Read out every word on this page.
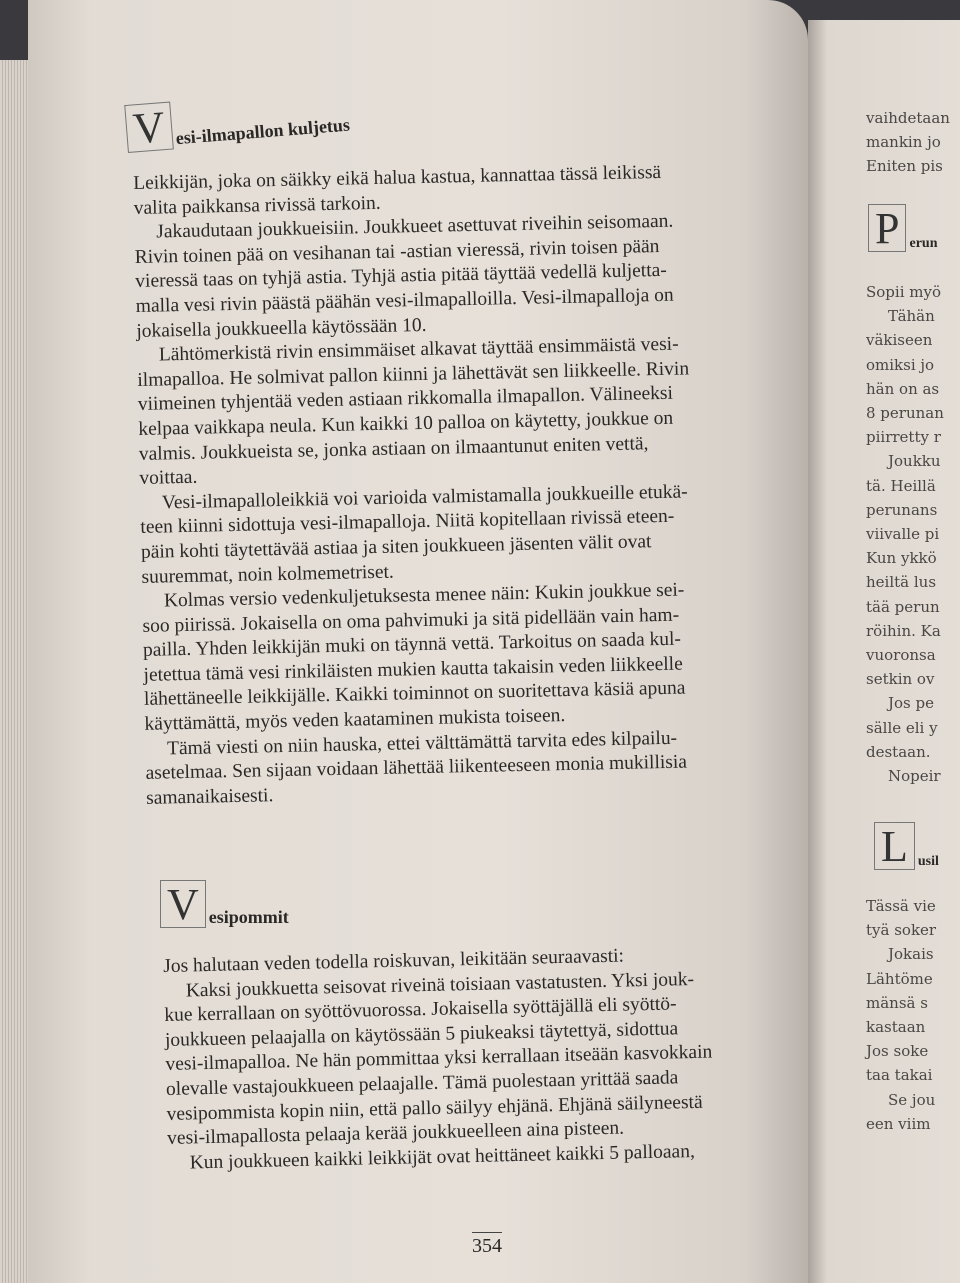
V esi-ilmapallon kuljetus
Leikkijän, joka on säikky eikä halua kastua, kannattaa tässä leikissä
valita paikkansa rivissä tarkoin.
Jakaudutaan joukkueisiin. Joukkueet asettuvat riveihin seisomaan.
Rivin toinen pää on vesihanan tai -astian vieressä, rivin toisen pään
vieressä taas on tyhjä astia. Tyhjä astia pitää täyttää vedellä kuljetta-
malla vesi rivin päästä päähän vesi-ilmapalloilla. Vesi-ilmapalloja on
jokaisella joukkueella käytössään 10.
Lähtömerkistä rivin ensimmäiset alkavat täyttää ensimmäistä vesi-
ilmapalloa. He solmivat pallon kiinni ja lähettävät sen liikkeelle. Rivin
viimeinen tyhjentää veden astiaan rikkomalla ilmapallon. Välineeksi
kelpaa vaikkapa neula. Kun kaikki 10 palloa on käytetty, joukkue on
valmis. Joukkueista se, jonka astiaan on ilmaantunut eniten vettä,
voittaa.
Vesi-ilmapalloleikkiä voi varioida valmistamalla joukkueille etukä-
teen kiinni sidottuja vesi-ilmapalloja. Niitä kopitellaan rivissä eteen-
päin kohti täytettävää astiaa ja siten joukkueen jäsenten välit ovat
suuremmat, noin kolmemetriset.
Kolmas versio vedenkuljetuksesta menee näin: Kukin joukkue sei-
soo piirissä. Jokaisella on oma pahvimuki ja sitä pidellään vain ham-
pailla. Yhden leikkijän muki on täynnä vettä. Tarkoitus on saada kul-
jetettua tämä vesi rinkiläisten mukien kautta takaisin veden liikkeelle
lähettäneelle leikkijälle. Kaikki toiminnot on suoritettava käsiä apuna
käyttämättä, myös veden kaataminen mukista toiseen.
Tämä viesti on niin hauska, ettei välttämättä tarvita edes kilpailu-
asetelmaa. Sen sijaan voidaan lähettää liikenteeseen monia mukillisia
samanaikaisesti.
V esipommit
Jos halutaan veden todella roiskuvan, leikitään seuraavasti:
Kaksi joukkuetta seisovat riveinä toisiaan vastatusten. Yksi jouk-
kue kerrallaan on syöttövuorossa. Jokaisella syöttäjällä eli syöttö-
joukkueen pelaajalla on käytössään 5 piukeaksi täytettyä, sidottua
vesi-ilmapalloa. Ne hän pommittaa yksi kerrallaan itseään kasvokkain
olevalle vastajoukkueen pelaajalle. Tämä puolestaan yrittää saada
vesipommista kopin niin, että pallo säilyy ehjänä. Ehjänä säilyneestä
vesi-ilmapallosta pelaaja kerää joukkueelleen aina pisteen.
Kun joukkueen kaikki leikkijät ovat heittäneet kaikki 5 palloaan,
354
vaihdetaan
mankin jo
Eniten pis
P erun
Sopii myö
Tähän
väkiseen
omiksi jo
hän on as
8 perunan
piirretty r
Joukku
tä. Heillä
perunans
viivalle pi
Kun ykkö
heiltä lus
tää perun
röihin. Ka
vuoronsa
setkin ov
Jos pe
sälle eli y
destaan.
Nopeir
L usil
Tässä vie
tyä soker
Jokais
Lähtöme
mänsä s
kastaan
Jos soke
taa takai
Se jou
een viim
